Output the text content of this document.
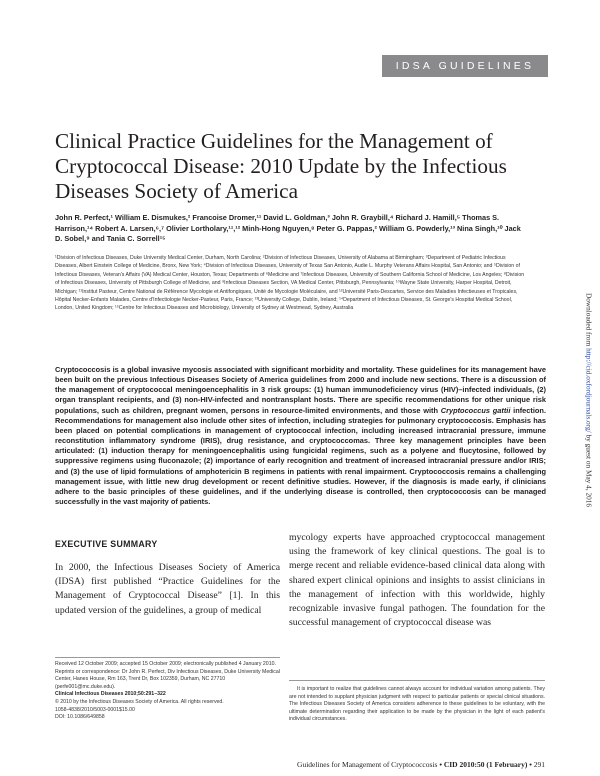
IDSA GUIDELINES
Clinical Practice Guidelines for the Management of Cryptococcal Disease: 2010 Update by the Infectious Diseases Society of America
John R. Perfect,¹ William E. Dismukes,² Francoise Dromer,¹¹ David L. Goldman,³ John R. Graybill,⁴ Richard J. Hamill,⁵ Thomas S. Harrison,¹⁴ Robert A. Larsen,⁶,⁷ Olivier Lortholary,¹¹,¹² Minh-Hong Nguyen,⁸ Peter G. Pappas,² William G. Powderly,¹³ Nina Singh,¹⁰ Jack D. Sobel,⁹ and Tania C. Sorrell¹⁵
¹Division of Infectious Diseases, Duke University Medical Center, Durham, North Carolina; ²Division of Infectious Diseases, University of Alabama at Birmingham; ³Department of Pediatric Infectious Diseases, Albert Einstein College of Medicine, Bronx, New York; ⁴Division of Infectious Diseases, University of Texas San Antonio, Audie L. Murphy Veterans Affairs Hospital, San Antonio; and ⁵Division of Infectious Diseases, Veteran's Affairs (VA) Medical Center, Houston, Texas; Departments of ⁶Medicine and ⁷Infectious Diseases, University of Southern California School of Medicine, Los Angeles; ⁸Division of Infectious Diseases, University of Pittsburgh College of Medicine, and ⁹Infectious Diseases Section, VA Medical Center, Pittsburgh, Pennsylvania; ¹⁰Wayne State University, Harper Hospital, Detroit, Michigan; ¹¹Institut Pasteur, Centre National de Référence Mycologie et Antifongiques, Unité de Mycologie Moléculaire, and ¹²Université Paris-Descartes, Service des Maladies Infectieuses et Tropicales, Hôpital Necker-Enfants Malades, Centre d'Infectiologie Necker-Pasteur, Paris, France; ¹³University College, Dublin, Ireland; ¹⁴Department of Infectious Diseases, St. George's Hospital Medical School, London, United Kingdom; ¹⁵Centre for Infectious Diseases and Microbiology, University of Sydney at Westmead, Sydney, Australia
Cryptococcosis is a global invasive mycosis associated with significant morbidity and mortality. These guidelines for its management have been built on the previous Infectious Diseases Society of America guidelines from 2000 and include new sections. There is a discussion of the management of cryptococcal meningoencephalitis in 3 risk groups: (1) human immunodeficiency virus (HIV)–infected individuals, (2) organ transplant recipients, and (3) non-HIV-infected and nontransplant hosts. There are specific recommendations for other unique risk populations, such as children, pregnant women, persons in resource-limited environments, and those with Cryptococcus gattii infection. Recommendations for management also include other sites of infection, including strategies for pulmonary cryptococcosis. Emphasis has been placed on potential complications in management of cryptococcal infection, including increased intracranial pressure, immune reconstitution inflammatory syndrome (IRIS), drug resistance, and cryptococcomas. Three key management principles have been articulated: (1) induction therapy for meningoencephalitis using fungicidal regimens, such as a polyene and flucytosine, followed by suppressive regimens using fluconazole; (2) importance of early recognition and treatment of increased intracranial pressure and/or IRIS; and (3) the use of lipid formulations of amphotericin B regimens in patients with renal impairment. Cryptococcosis remains a challenging management issue, with little new drug development or recent definitive studies. However, if the diagnosis is made early, if clinicians adhere to the basic principles of these guidelines, and if the underlying disease is controlled, then cryptococcosis can be managed successfully in the vast majority of patients.
EXECUTIVE SUMMARY

In 2000, the Infectious Diseases Society of America (IDSA) first published “Practice Guidelines for the Management of Cryptococcal Disease” [1]. In this updated version of the guidelines, a group of medical

mycology experts have approached cryptococcal management using the framework of key clinical questions. The goal is to merge recent and reliable evidence-based clinical data along with shared expert clinical opinions and insights to assist clinicians in the management of infection with this worldwide, highly recognizable invasive fungal pathogen. The foundation for the successful management of cryptococcal disease was

Received 12 October 2009; accepted 15 October 2009; electronically published 4 January 2010.

Reprints or correspondence: Dr John R. Perfect, Div Infectious Diseases, Duke University Medical Center, Hanes House, Rm 163, Trent Dr, Box 102359, Durham, NC 27710 (perfe001@mc.duke.edu).

Clinical Infectious Diseases 2010;50:291–322

© 2010 by the Infectious Diseases Society of America. All rights reserved.

1058-4838/2010/5003-0001$15.00

DOI: 10.1086/649858

It is important to realize that guidelines cannot always account for individual variation among patients. They are not intended to supplant physician judgment with respect to particular patients or special clinical situations. The Infectious Diseases Society of America considers adherence to these guidelines to be voluntary, with the ultimate determination regarding their application to be made by the physician in the light of each patient's individual circumstances.

Guidelines for Management of Cryptococcosis • CID 2010:50 (1 February) • 291
Downloaded from http://cid.oxfordjournals.org/ by guest on May 4, 2016
